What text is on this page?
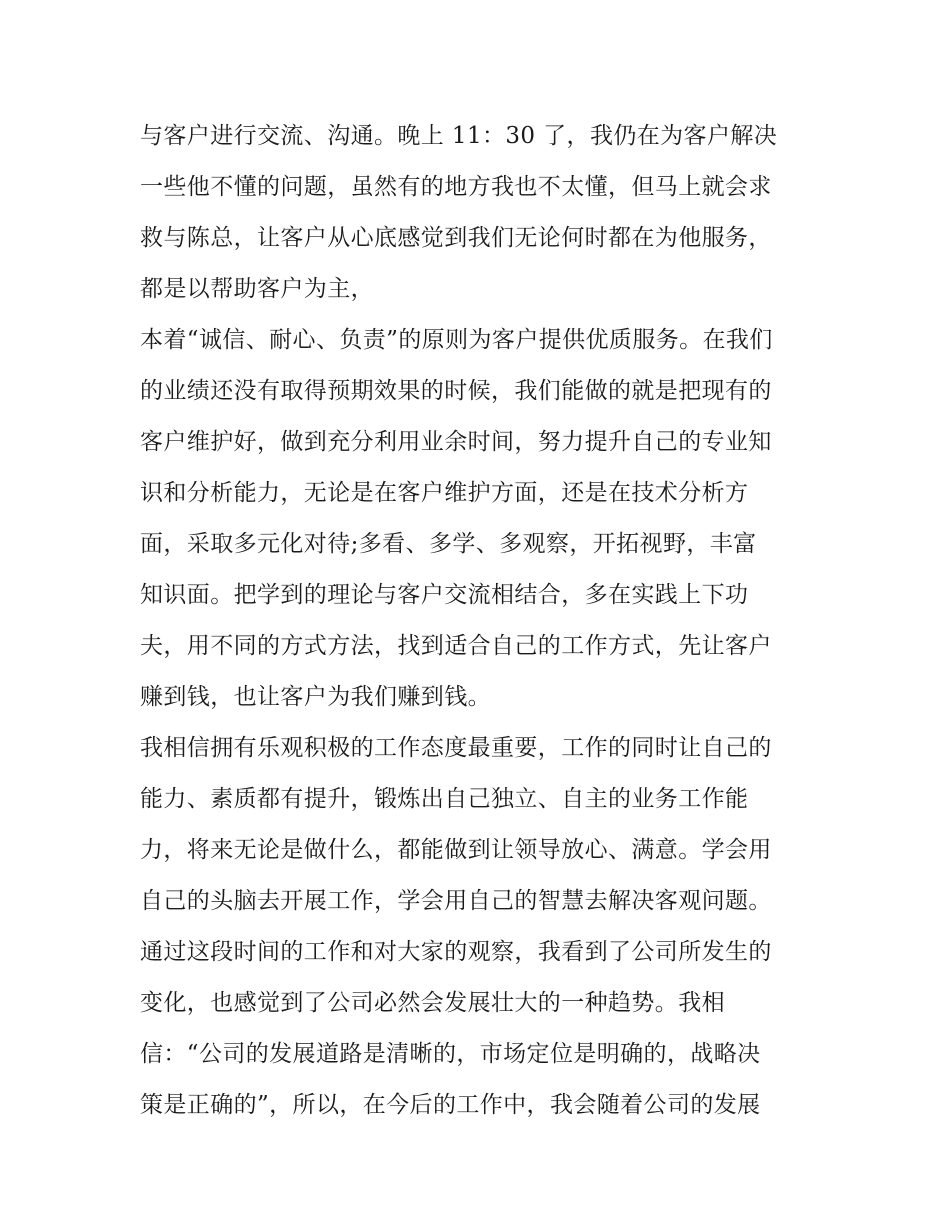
与客户进行交流、沟通。晚上 11：30 了，我仍在为客户解决
一些他不懂的问题，虽然有的地方我也不太懂，但马上就会求
救与陈总，让客户从心底感觉到我们无论何时都在为他服务，
都是以帮助客户为主，
本着“诚信、耐心、负责”的原则为客户提供优质服务。在我们
的业绩还没有取得预期效果的时候，我们能做的就是把现有的
客户维护好，做到充分利用业余时间，努力提升自己的专业知
识和分析能力，无论是在客户维护方面，还是在技术分析方
面，采取多元化对待;多看、多学、多观察，开拓视野，丰富
知识面。把学到的理论与客户交流相结合，多在实践上下功
夫，用不同的方式方法，找到适合自己的工作方式，先让客户
赚到钱，也让客户为我们赚到钱。
我相信拥有乐观积极的工作态度最重要，工作的同时让自己的
能力、素质都有提升，锻炼出自己独立、自主的业务工作能
力，将来无论是做什么，都能做到让领导放心、满意。学会用
自己的头脑去开展工作，学会用自己的智慧去解决客观问题。
通过这段时间的工作和对大家的观察，我看到了公司所发生的
变化，也感觉到了公司必然会发展壮大的一种趋势。我相
信：“公司的发展道路是清晰的，市场定位是明确的，战略决
策是正确的”，所以，在今后的工作中，我会随着公司的发展
